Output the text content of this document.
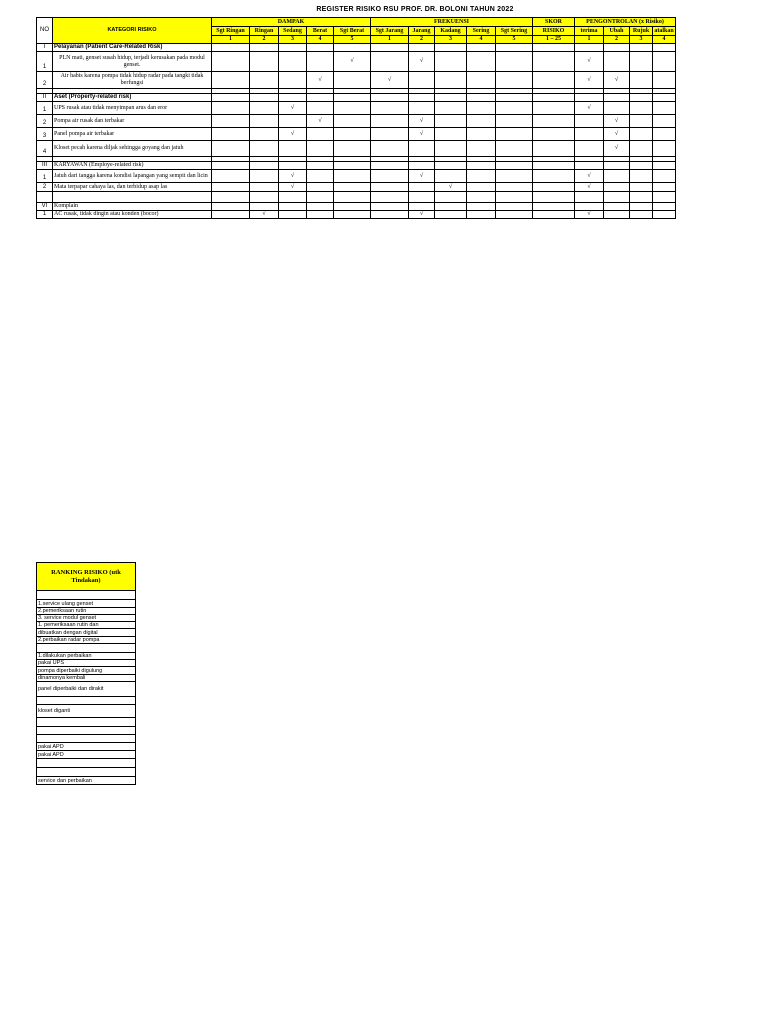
REGISTER RISIKO RSU PROF. DR. BOLONI TAHUN 2022
NO	KATEGORI RISIKO	DAMPAK					FREKUENSI					SKOR	PENGONTROLAN (x Risiko)			
		Sgt Ringan	Ringan	Sedang	Berat	Sgt Berat	Sgt Jarang	Jarang	Kadang	Sering	Sgt Sering	RISIKO	terima	Ubah	Rujuk	atalkan
		1	2	3	4	5	1	2	3	4	5	1 – 25	1	2	3	4
I	Pelayanan (Patient Care-Related Risk)															
1	PLN mati, genset susah hidup, terjadi kerusakan pada modul genset.					√		√					√			
2	Air habis karena pompa tidak hidup radar pada tangki tidak berfungsi				√		√						√	√		

II	Aset (Property-related risk)															
1	UPS rusak atau tidak menyimpan arus dan eror			√									√			
2	Pompa air rusak dan terbakar				√			√						√		
3	Panel pompa air terbakar			√				√						√		
4	Kloset pecah karena diljak sehingga goyang dan jatuh													√		

III	KARYAWAN (Employe-related risk)															
1	Jatuh dari tangga karena kondisi lapangan yang sempit dan licin			√				√					√			
2	Mata terpapar cahaya las, dan terbidup asap las			√					√				√			

VI	Komplain															
1	AC rusak, tidak dingin atau konden (bocor)		√					√					√			
RANKING RISIKO (utk Tindakan)

1.service ulang genset
2.pemeriksaan rutin
3. service modul genset
1. pemeriksaan rutin dan
dibuatkan dengan digital
2.perbaikan radar pompa

1.dilakukan perbaikan
pakai UPS
pompa diperbaiki digulung
dinamonya kembali
panel diperbaiki dan dirakit

kloset diganti

pakai APD
pakai APD

service dan perbaikan
